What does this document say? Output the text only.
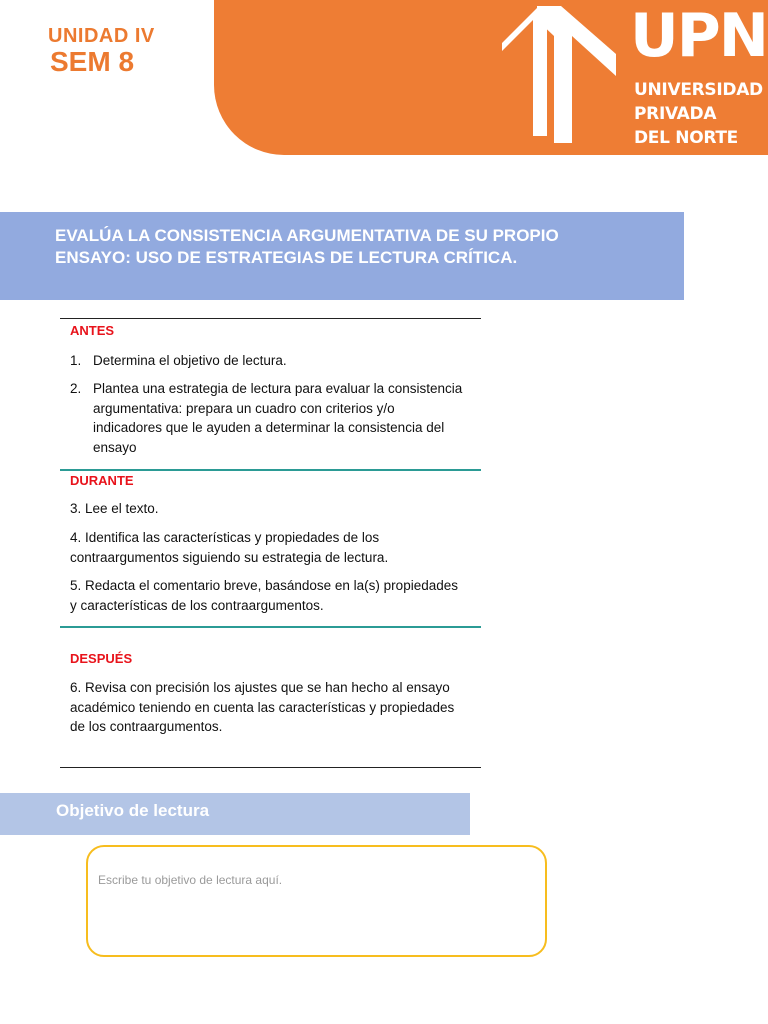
UNIDAD IV
SEM 8	UPN
UNIVERSIDAD
PRIVADA
DEL NORTE
EVALÚA LA CONSISTENCIA ARGUMENTATIVA DE SU PROPIO
ENSAYO: USO DE ESTRATEGIAS DE LECTURA CRÍTICA.
ANTES
1. Determina el objetivo de lectura.
2. Plantea una estrategia de lectura para evaluar la consistencia
argumentativa: prepara un cuadro con criterios y/o
indicadores que le ayuden a determinar la consistencia del
ensayo
DURANTE
3. Lee el texto.
4. Identifica las características y propiedades de los
contraargumentos siguiendo su estrategia de lectura.
5. Redacta el comentario breve, basándose en la(s) propiedades
y características de los contraargumentos.
DESPUÉS
6. Revisa con precisión los ajustes que se han hecho al ensayo
académico teniendo en cuenta las características y propiedades
de los contraargumentos.
Objetivo de lectura
Escribe tu objetivo de lectura aquí.
